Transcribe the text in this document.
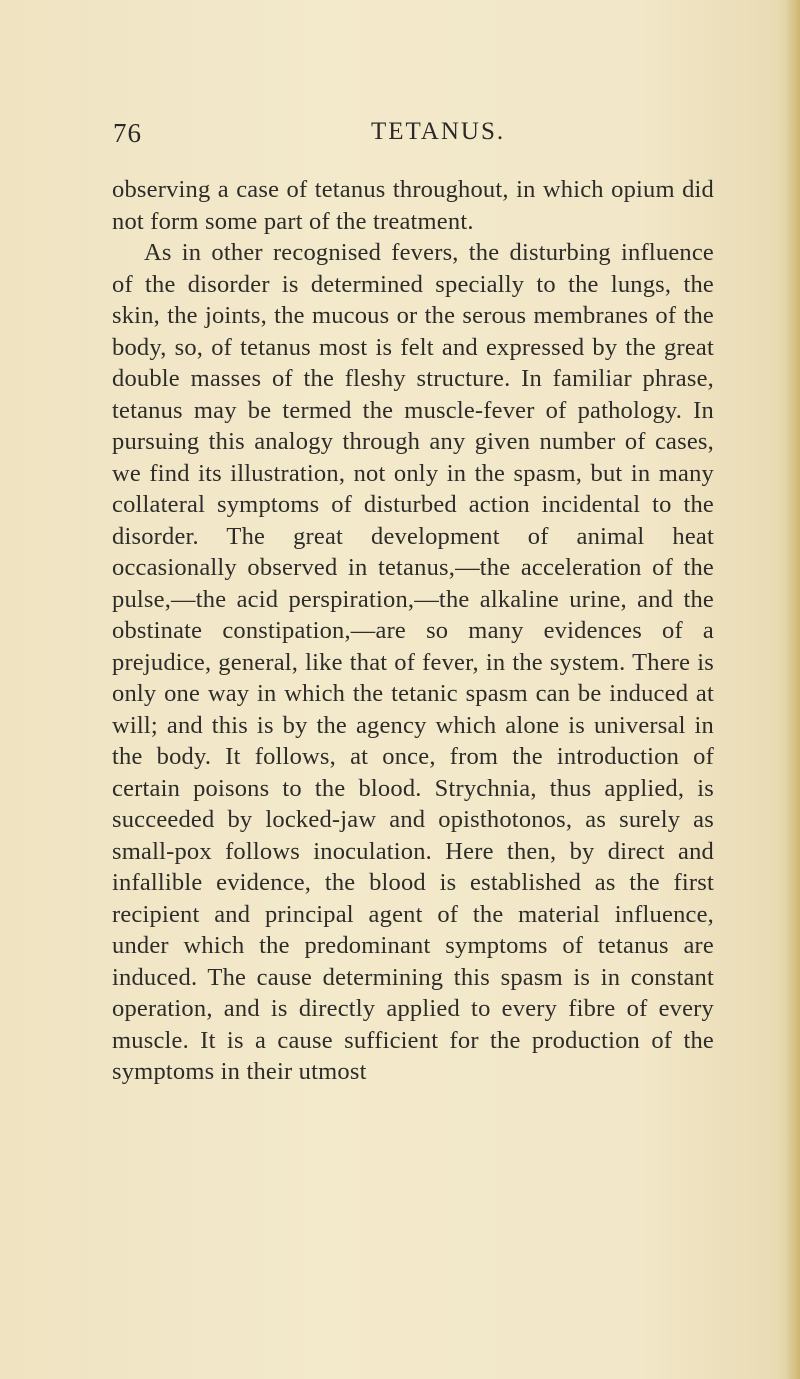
76	TETANUS.

observing a case of tetanus throughout, in which opium did not form some part of the treatment.

As in other recognised fevers, the disturbing influence of the disorder is determined specially to the lungs, the skin, the joints, the mucous or the serous membranes of the body, so, of tetanus most is felt and expressed by the great double masses of the fleshy structure. In familiar phrase, tetanus may be termed the muscle-fever of pathology. In pursuing this analogy through any given number of cases, we find its illustration, not only in the spasm, but in many collateral symptoms of disturbed action incidental to the disorder. The great development of animal heat occasionally observed in tetanus,—the acceleration of the pulse,—the acid perspiration,—the alkaline urine, and the obstinate constipation,—are so many evidences of a prejudice, general, like that of fever, in the system. There is only one way in which the tetanic spasm can be induced at will; and this is by the agency which alone is universal in the body. It follows, at once, from the introduction of certain poisons to the blood. Strychnia, thus applied, is succeeded by locked-jaw and opisthotonos, as surely as small-pox follows inoculation. Here then, by direct and infallible evidence, the blood is established as the first recipient and principal agent of the material influence, under which the predominant symptoms of tetanus are induced. The cause determining this spasm is in constant operation, and is directly applied to every fibre of every muscle. It is a cause sufficient for the production of the symptoms in their utmost
